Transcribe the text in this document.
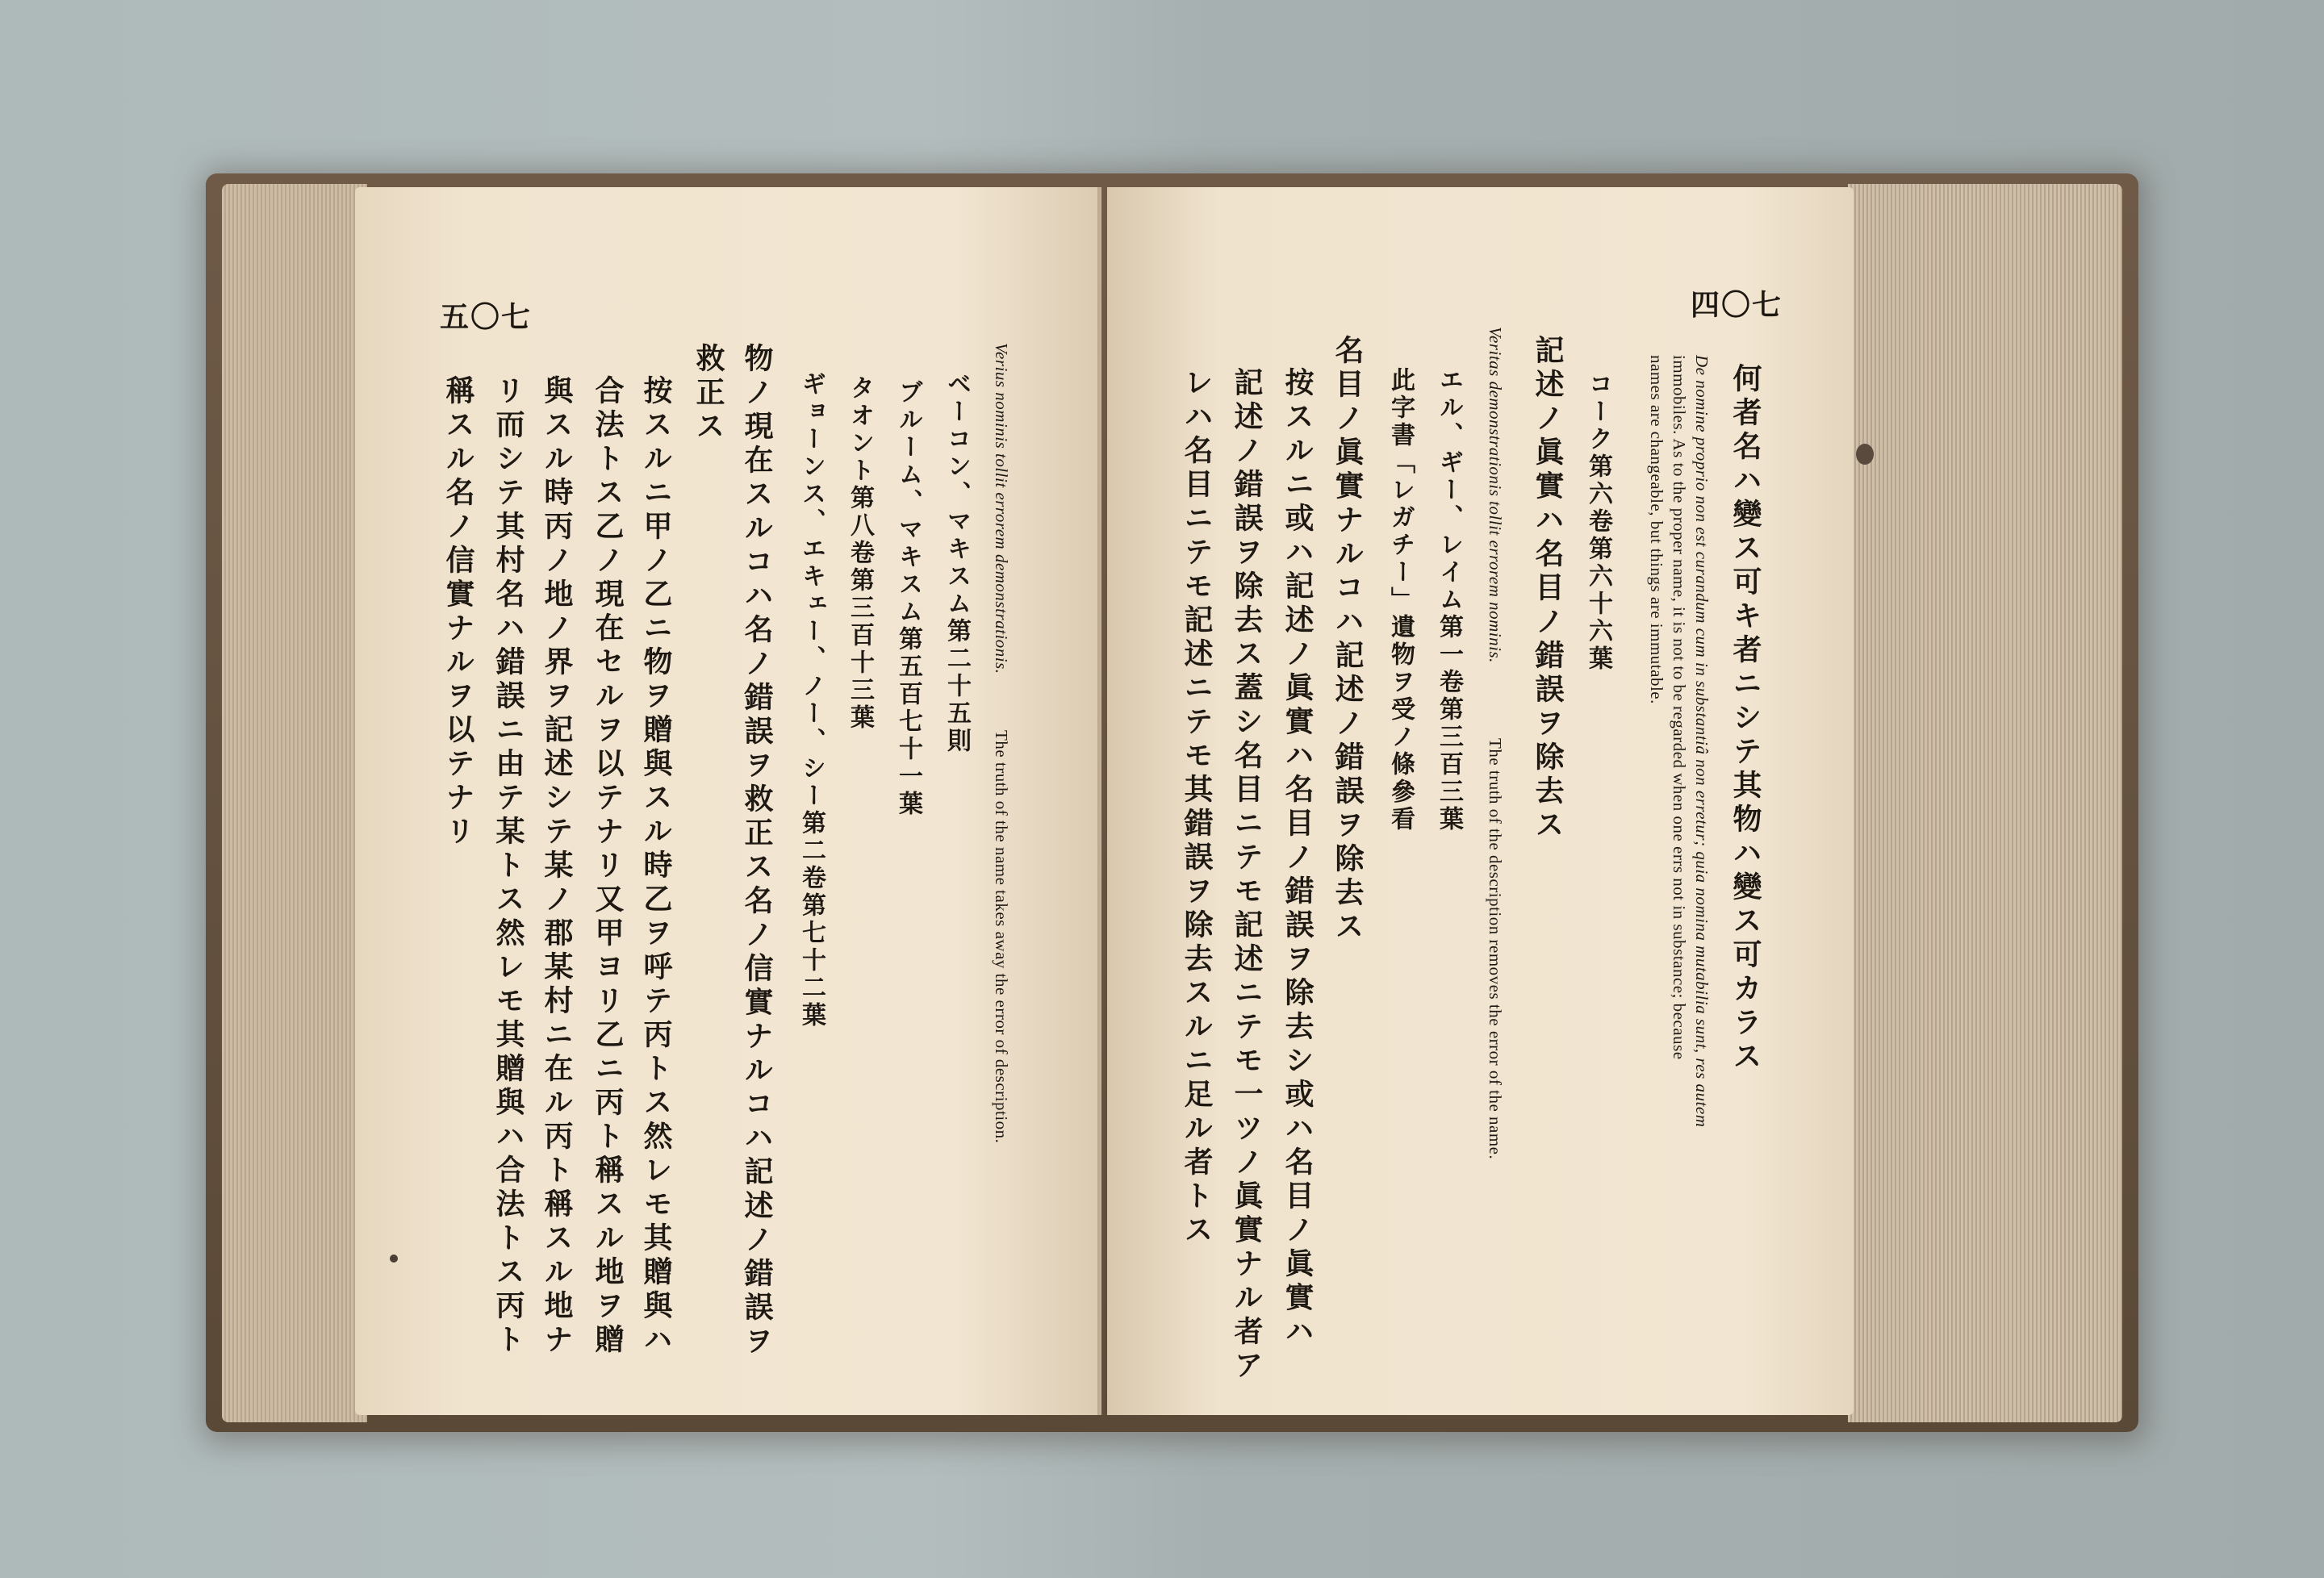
五〇七
Verius nominis tollit errorem demonstrationis.
The truth of the name takes away the error of description.
ベーコン、マキスム第二十五則
ブルーム、マキスム第五百七十一葉
タオント第八卷第三百十三葉
ギョーンス、エキェー、ノー、シー第二卷第七十二葉
物ノ現在スルコハ名ノ錯誤ヲ救正ス名ノ信實ナルコハ記述ノ錯誤ヲ
救正ス
按スルニ甲ノ乙ニ物ヲ贈與スル時乙ヲ呼テ丙トス然レモ其贈與ハ
合法トス乙ノ現在セルヲ以テナリ又甲ヨリ乙ニ丙ト稱スル地ヲ贈
與スル時丙ノ地ノ界ヲ記述シテ某ノ郡某村ニ在ル丙ト稱スル地ナ
リ而シテ其村名ハ錯誤ニ由テ某トス然レモ其贈與ハ合法トス丙ト
稱スル名ノ信實ナルヲ以テナリ
四〇七
何者名ハ變ス可キ者ニシテ其物ハ變ス可カラス
De nomine proprio non est curandum cum in substantiâ non erretur; quia nomina mutabilia sunt, res autem
immobiles. As to the proper name, it is not to be regarded when one errs not in substance; because
names are changeable, but things are immutable.
コーク第六卷第六十六葉
記述ノ眞實ハ名目ノ錯誤ヲ除去ス
Veritas demonstrationis tollit errorem nominis.
The truth of the description removes the error of the name.
エル、ギー、レイム第一卷第三百三葉
此字書「レガチー」遺物ヲ受ノ條參看
名目ノ眞實ナルコハ記述ノ錯誤ヲ除去ス
按スルニ或ハ記述ノ眞實ハ名目ノ錯誤ヲ除去シ或ハ名目ノ眞實ハ
記述ノ錯誤ヲ除去ス蓋シ名目ニテモ記述ニテモ一ツノ眞實ナル者ア
レハ名目ニテモ記述ニテモ其錯誤ヲ除去スルニ足ル者トス
